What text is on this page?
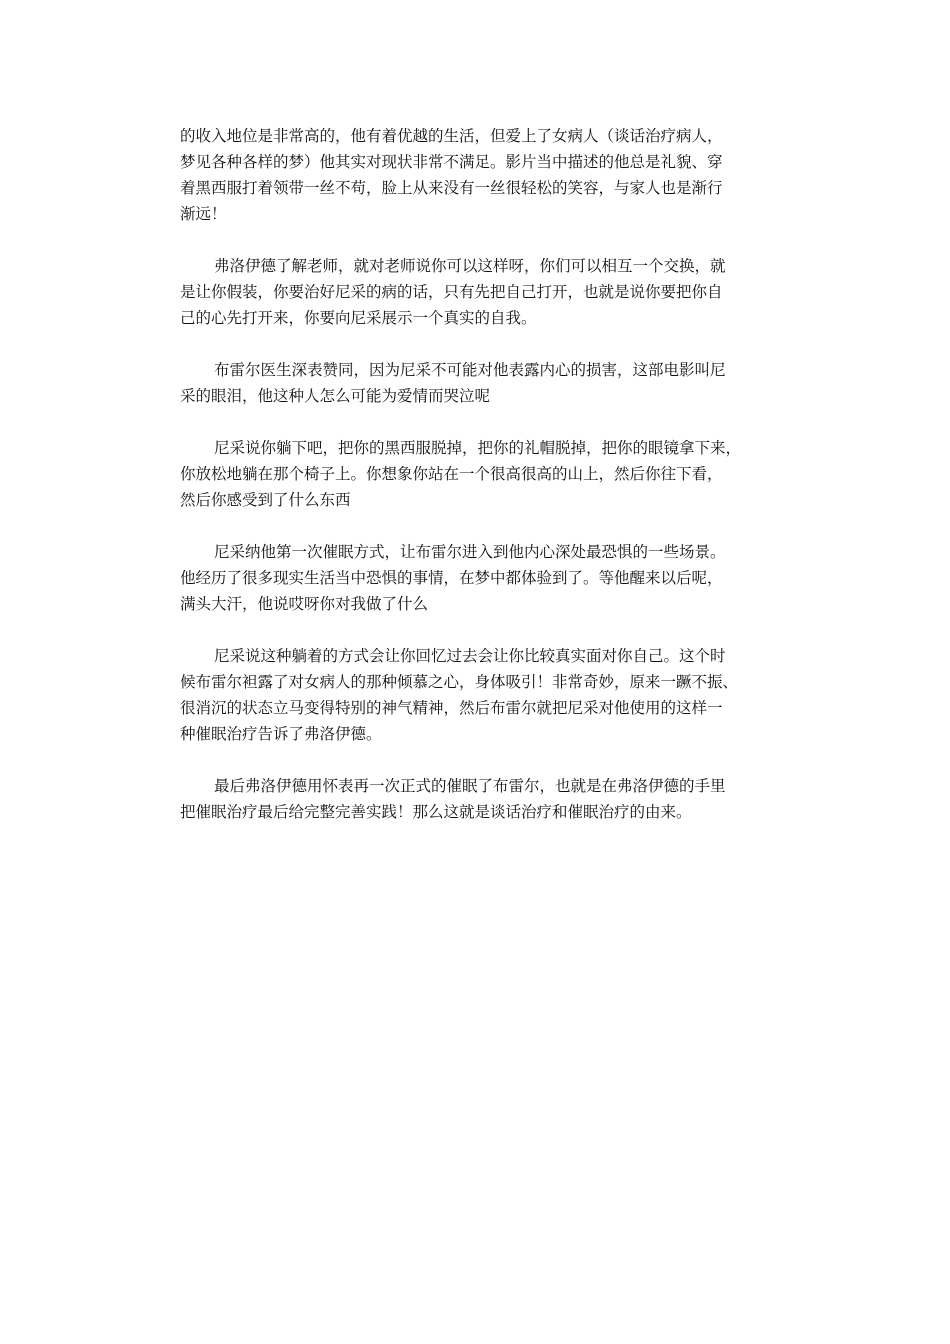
的收入地位是非常高的，他有着优越的生活，但爱上了女病人（谈话治疗病人，
梦见各种各样的梦）他其实对现状非常不满足。影片当中描述的他总是礼貌、穿
着黑西服打着领带一丝不苟，脸上从来没有一丝很轻松的笑容，与家人也是渐行
渐远！

弗洛伊德了解老师，就对老师说你可以这样呀，你们可以相互一个交换，就
是让你假装，你要治好尼采的病的话，只有先把自己打开，也就是说你要把你自
己的心先打开来，你要向尼采展示一个真实的自我。

布雷尔医生深表赞同，因为尼采不可能对他表露内心的损害，这部电影叫尼
采的眼泪，他这种人怎么可能为爱情而哭泣呢

尼采说你躺下吧，把你的黑西服脱掉，把你的礼帽脱掉，把你的眼镜拿下来，
你放松地躺在那个椅子上。你想象你站在一个很高很高的山上，然后你往下看，
然后你感受到了什么东西

尼采纳他第一次催眠方式，让布雷尔进入到他内心深处最恐惧的一些场景。
他经历了很多现实生活当中恐惧的事情，在梦中都体验到了。等他醒来以后呢，
满头大汗，他说哎呀你对我做了什么

尼采说这种躺着的方式会让你回忆过去会让你比较真实面对你自己。这个时
候布雷尔袒露了对女病人的那种倾慕之心，身体吸引！非常奇妙，原来一蹶不振、
很消沉的状态立马变得特别的神气精神，然后布雷尔就把尼采对他使用的这样一
种催眠治疗告诉了弗洛伊德。

最后弗洛伊德用怀表再一次正式的催眠了布雷尔，也就是在弗洛伊德的手里
把催眠治疗最后给完整完善实践！那么这就是谈话治疗和催眠治疗的由来。
